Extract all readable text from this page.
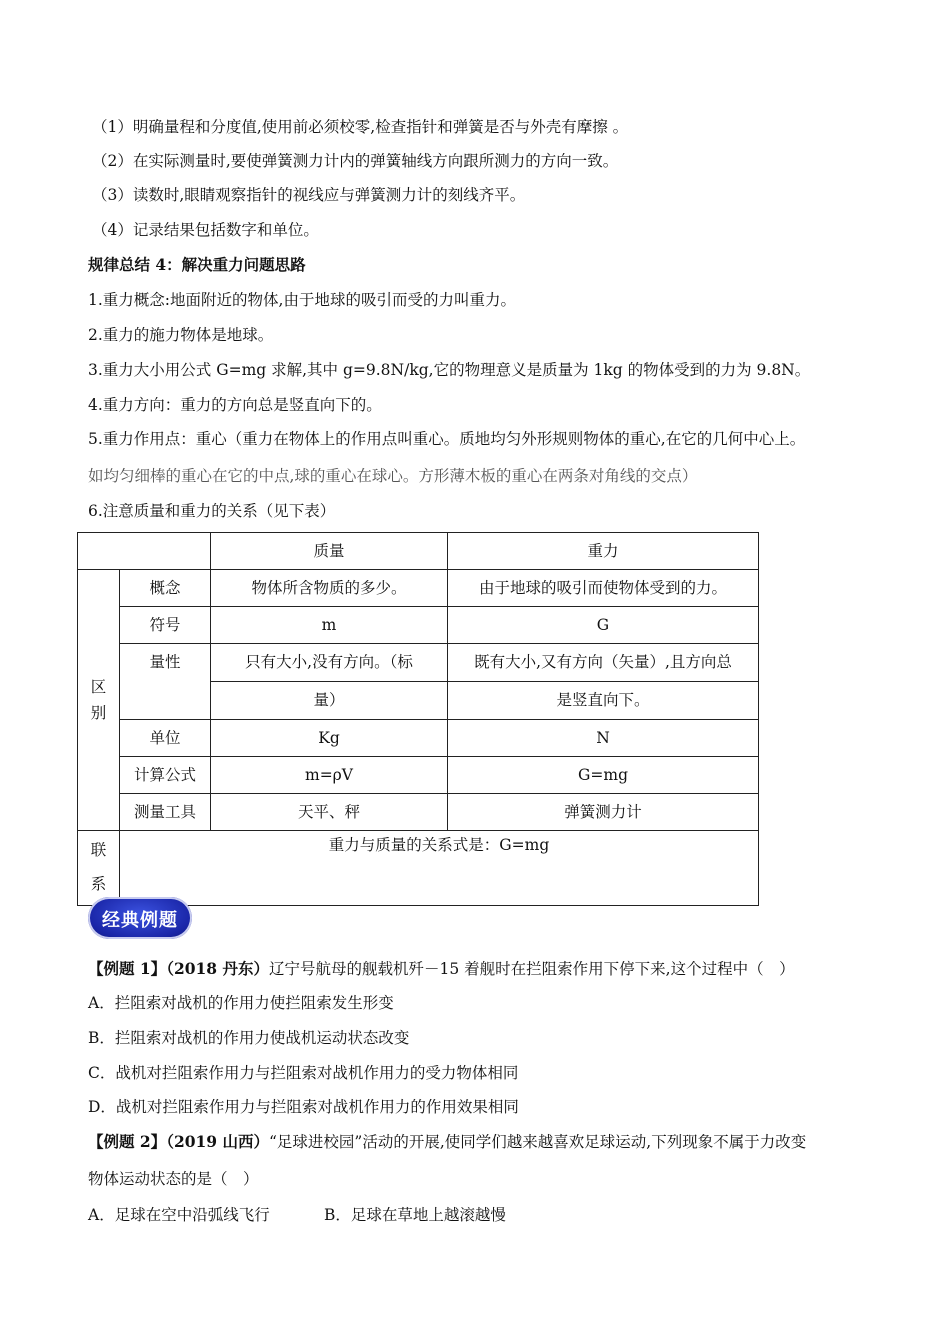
（1）明确量程和分度值,使用前必须校零,检查指针和弹簧是否与外壳有摩擦 。
（2）在实际测量时,要使弹簧测力计内的弹簧轴线方向跟所测力的方向一致。
（3）读数时,眼睛观察指针的视线应与弹簧测力计的刻线齐平。
（4）记录结果包括数字和单位。
规律总结 4：解决重力问题思路
1.重力概念:地面附近的物体,由于地球的吸引而受的力叫重力。
2.重力的施力物体是地球。
3.重力大小用公式 G=mg 求解,其中 g=9.8N/kg,它的物理意义是质量为 1kg 的物体受到的力为 9.8N。
4.重力方向：重力的方向总是竖直向下的。
5.重力作用点：重心（重力在物体上的作用点叫重心。质地均匀外形规则物体的重心,在它的几何中心上。
如均匀细棒的重心在它的中点,球的重心在球心。方形薄木板的重心在两条对角线的交点）
6.注意质量和重力的关系（见下表）
		质量	重力

区
别	概念	物体所含物质的多少。	由于地球的吸引而使物体受到的力。
	符号	m	G
	量性	只有大小,没有方向。（标	既有大小,又有方向（矢量）,且方向总
		量）	是竖直向下。
	单位	Kg	N
	计算公式	m=ρV	G=mg
	测量工具	天平、秤	弹簧测力计

联
系	重力与质量的关系式是：G=mg		
经典例题
【例题 1】（2018 丹东）辽宁号航母的舰载机歼－15 着舰时在拦阻索作用下停下来,这个过程中（　）
A．拦阻索对战机的作用力使拦阻索发生形变
B．拦阻索对战机的作用力使战机运动状态改变
C．战机对拦阻索作用力与拦阻索对战机作用力的受力物体相同
D．战机对拦阻索作用力与拦阻索对战机作用力的作用效果相同
【例题 2】（2019 山西）“足球进校园”活动的开展,使同学们越来越喜欢足球运动,下列现象不属于力改变
物体运动状态的是（　）
A．足球在空中沿弧线飞行	B．足球在草地上越滚越慢
